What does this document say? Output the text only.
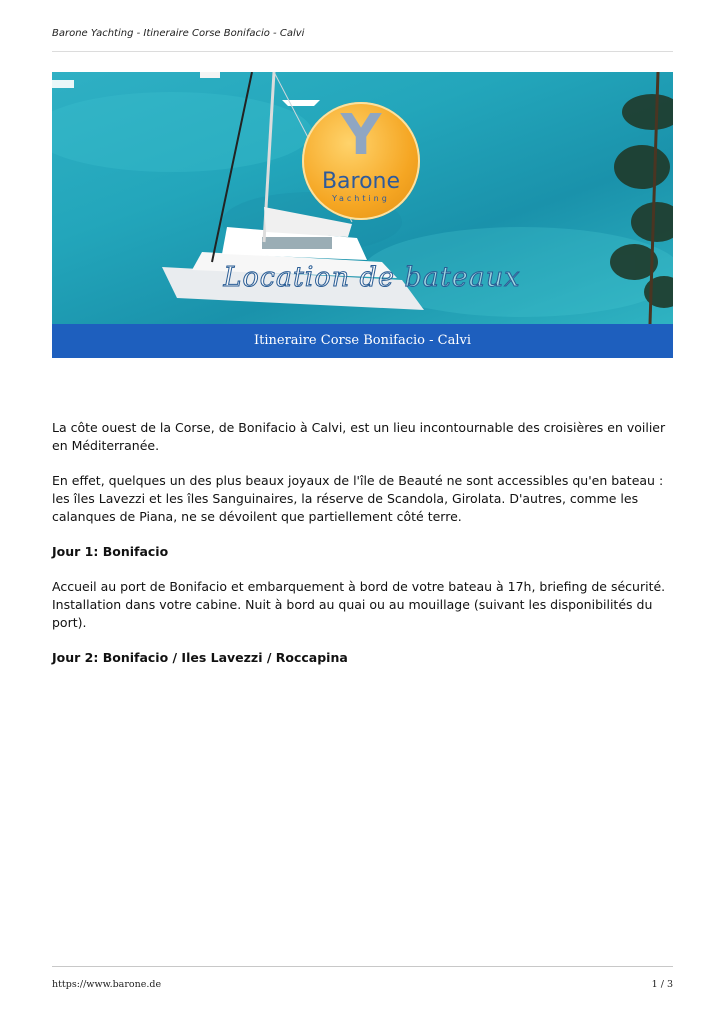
Barone Yachting - Itineraire Corse Bonifacio - Calvi
Y
Barone
Yachting
Location de bateaux
Itineraire Corse Bonifacio - Calvi

La côte ouest de la Corse, de Bonifacio à Calvi, est un lieu incontournable des croisières en voilier en Méditerranée.

En effet, quelques un des plus beaux joyaux de l'île de Beauté ne sont accessibles qu'en bateau : les îles Lavezzi et les îles Sanguinaires, la réserve de Scandola, Girolata. D'autres, comme les calanques de Piana, ne se dévoilent que partiellement côté terre.

Jour 1: Bonifacio

Accueil au port de Bonifacio et embarquement à bord de votre bateau à 17h, briefing de sécurité. Installation dans votre cabine. Nuit à bord au quai ou au mouillage (suivant les disponibilités du port).

Jour 2: Bonifacio / Iles Lavezzi / Roccapina
https://www.barone.de	1 / 3
